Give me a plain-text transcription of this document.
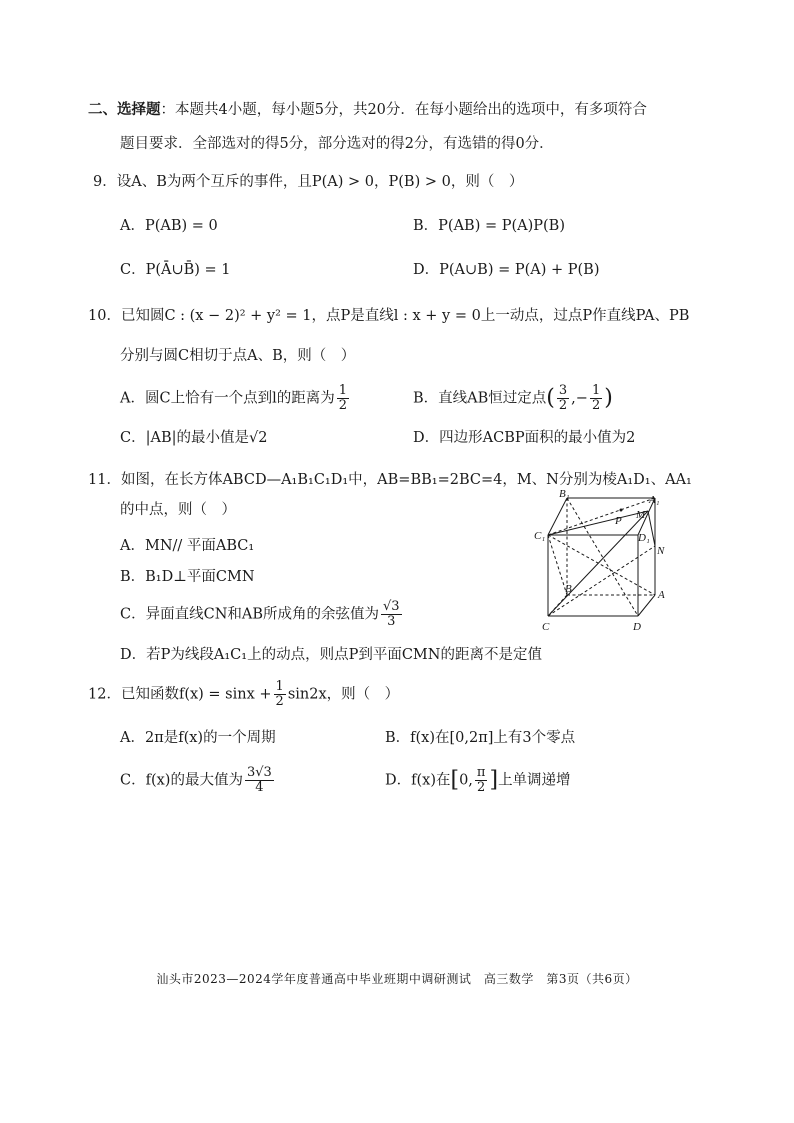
二、选择题：本题共4小题，每小题5分，共20分．在每小题给出的选项中，有多项符合
题目要求．全部选对的得5分，部分选对的得2分，有选错的得0分．
9．设A、B为两个互斥的事件，且P(A) > 0，P(B) > 0，则（　）
A．P(AB) = 0	B．P(AB) = P(A)P(B)
C．P(Ā∪B̄) = 1	D．P(A∪B) = P(A) + P(B)
10．已知圆C : (x − 2)² + y² = 1，点P是直线l : x + y = 0上一动点，过点P作直线PA、PB
分别与圆C相切于点A、B，则（　）
A．圆C上恰有一个点到l的距离为 $\frac{1}{2}$	B．直线AB恒过定点( $\frac{3}{2}$ ,− $\frac{1}{2}$ )
C．|AB|的最小值是√2	D．四边形ACBP面积的最小值为2
11．如图，在长方体ABCD—A₁B₁C₁D₁中，AB=BB₁=2BC=4，M、N分别为棱A₁D₁、AA₁
的中点，则（　）
A．MN// 平面ABC₁
B．B₁D⊥平面CMN
C．异面直线CN和AB所成角的余弦值为 $\frac{√3}{3}$
D．若P为线段A₁C₁上的动点，则点P到平面CMN的距离不是定值
B₁	A₁
C₁	D₁
P M
N
B	A
C	D
12．已知函数$f(x) = \sin x + \frac{1}{2} \sin 2x$，则（　）
A．2π是f(x)的一个周期	B．f(x)在[0,2π]上有3个零点
C．f(x)的最大值为 $\frac{3√3}{4}$	D．f(x)在[0, $\frac{\pi}{2}$ ]上单调递增
汕头市2023—2024学年度普通高中毕业班期中调研测试　高三数学　第3页（共6页）
